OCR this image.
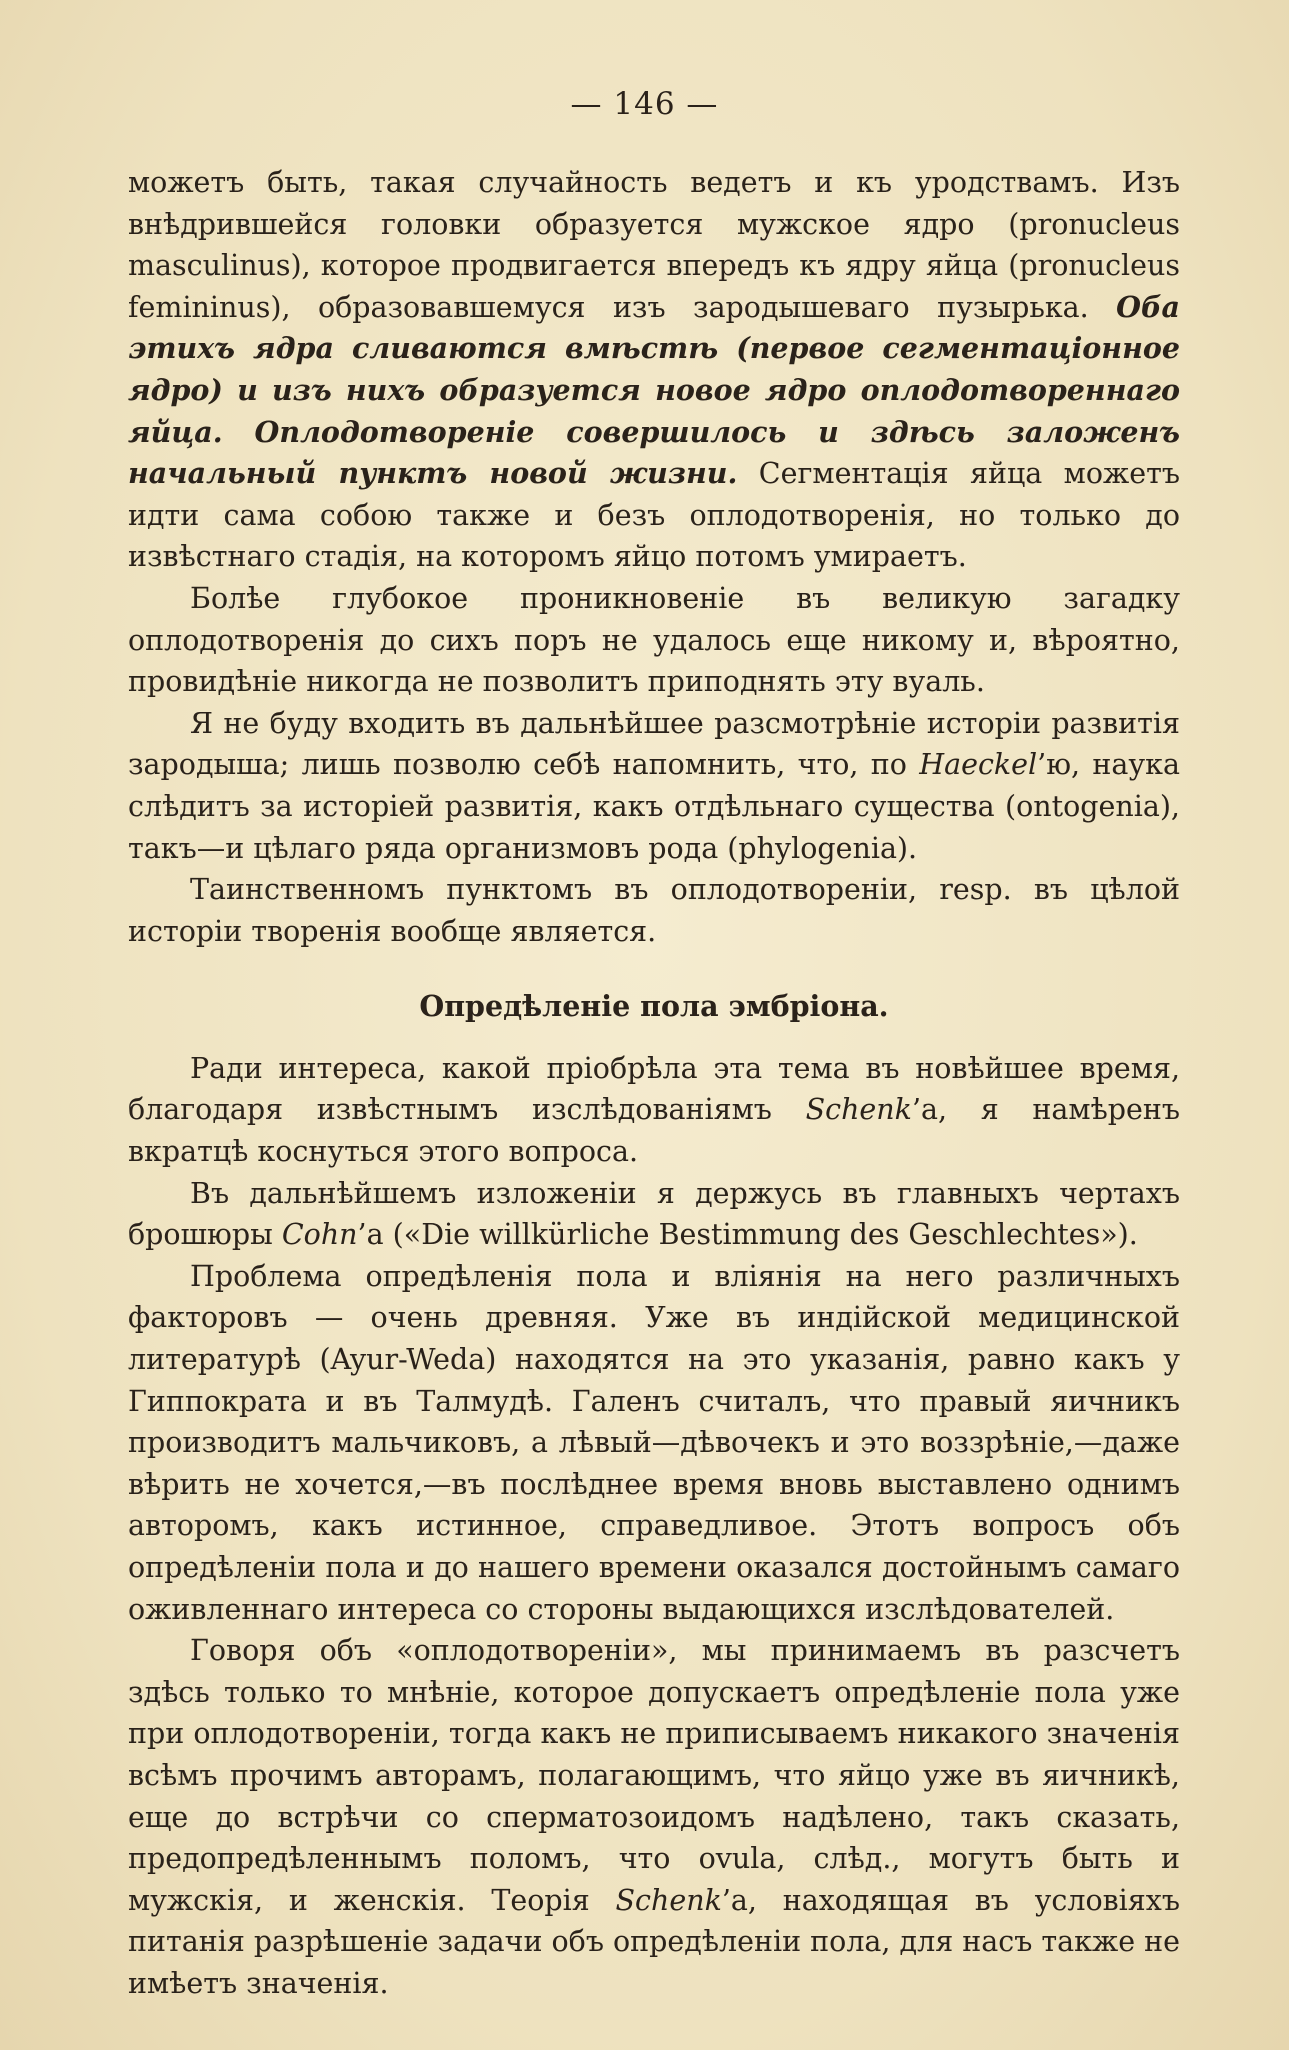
— 146 —

можетъ быть, такая случайность ведетъ и къ уродствамъ. Изъ внѣдрившейся головки образуется мужское ядро (pronucleus masculinus), которое продвигается впередъ къ ядру яйца (pronucleus femininus), образовавшемуся изъ зародышеваго пузырька. Оба этихъ ядра сливаются вмѣстѣ (первое сегментаціонное ядро) и изъ нихъ образуется новое ядро оплодотвореннаго яйца. Оплодотвореніе совершилось и здѣсь заложенъ начальный пунктъ новой жизни. Сегментація яйца можетъ идти сама собою также и безъ оплодотворенія, но только до извѣстнаго стадія, на которомъ яйцо потомъ умираетъ.

Болѣе глубокое проникновеніе въ великую загадку оплодотворенія до сихъ поръ не удалось еще никому и, вѣроятно, провидѣніе никогда не позволитъ приподнять эту вуаль.

Я не буду входить въ дальнѣйшее разсмотрѣніе исторіи развитія зародыша; лишь позволю себѣ напомнить, что, по Haeckel’ю, наука слѣдитъ за исторіей развитія, какъ отдѣльнаго существа (ontogenia), такъ—и цѣлаго ряда организмовъ рода (phylogenia).

Таинственномъ пунктомъ въ оплодотвореніи, resp. въ цѣлой исторіи творенія вообще является.

Опредѣленіе пола эмбріона.

Ради интереса, какой пріобрѣла эта тема въ новѣйшее время, благодаря извѣстнымъ изслѣдованіямъ Schenk’а, я намѣренъ вкратцѣ коснуться этого вопроса.

Въ дальнѣйшемъ изложеніи я держусь въ главныхъ чертахъ брошюры Cohn’а («Die willkürliche Bestimmung des Geschlechtes»).

Проблема опредѣленія пола и вліянія на него различныхъ факторовъ — очень древняя. Уже въ индійской медицинской литературѣ (Ayur-Weda) находятся на это указанія, равно какъ у Гиппократа и въ Талмудѣ. Галенъ считалъ, что правый яичникъ производитъ мальчиковъ, а лѣвый—дѣвочекъ и это воззрѣніе,—даже вѣрить не хочется,—въ послѣднее время вновь выставлено однимъ авторомъ, какъ истинное, справедливое. Этотъ вопросъ объ опредѣленіи пола и до нашего времени оказался достойнымъ самаго оживленнаго интереса со стороны выдающихся изслѣдователей.

Говоря объ «оплодотвореніи», мы принимаемъ въ разсчетъ здѣсь только то мнѣніе, которое допускаетъ опредѣленіе пола уже при оплодотвореніи, тогда какъ не приписываемъ никакого значенія всѣмъ прочимъ авторамъ, полагающимъ, что яйцо уже въ яичникѣ, еще до встрѣчи со сперматозоидомъ надѣлено, такъ сказать, предопредѣленнымъ поломъ, что ovula, слѣд., могутъ быть и мужскія, и женскія. Теорія Schenk’а, находящая въ условіяхъ питанія разрѣшеніе задачи объ опредѣленіи пола, для насъ также не имѣетъ значенія.
